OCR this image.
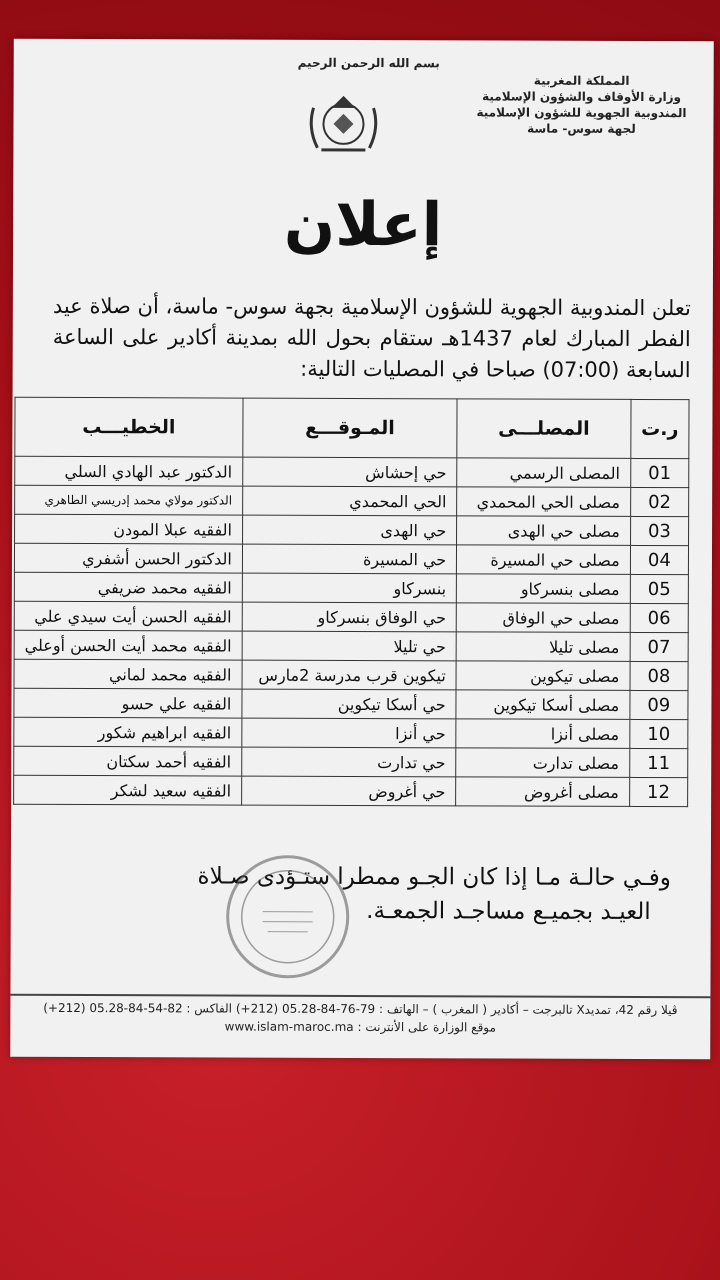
بسم الله الرحمن الرحيم
المملكة المغربية
وزارة الأوقاف والشؤون الإسلامية
المندوبية الجهوية للشؤون الإسلامية
لجهة سوس- ماسة
إعلان
تعلن المندوبية الجهوية للشؤون الإسلامية بجهة سوس- ماسة، أن صلاة عيد الفطر المبارك لعام 1437هـ ستقام بحول الله بمدينة أكادير على الساعة السابعة (07:00) صباحا في المصليات التالية:
ر.ت	المصلـــى	المـوقـــع	الخطيـــب
01	المصلى الرسمي	حي إحشاش	الدكتور عبد الهادي السلي
02	مصلى الحي المحمدي	الحي المحمدي	الدكتور مولاي محمد إدريسي الطاهري
03	مصلى حي الهدى	حي الهدى	الفقيه عبلا المودن
04	مصلى حي المسيرة	حي المسيرة	الدكتور الحسن أشفري
05	مصلى بنسركاو	بنسركاو	الفقيه محمد ضريفي
06	مصلى حي الوفاق	حي الوفاق بنسركاو	الفقيه الحسن أيت سيدي علي
07	مصلى تليلا	حي تليلا	الفقيه محمد أيت الحسن أوعلي
08	مصلى تيكوين	تيكوين قرب مدرسة 2مارس	الفقيه محمد لماني
09	مصلى أسكا تيكوين	حي أسكا تيكوين	الفقيه علي حسو
10	مصلى أنزا	حي أنزا	الفقيه ابراهيم شكور
11	مصلى تدارت	حي تدارت	الفقيه أحمد سكتان
12	مصلى أغروض	حي أغروض	الفقيه سعيد لشكر
وفـي حالـة مـا إذا كان الجـو ممطرا ستـؤدى صـلاة
العيـد بجميـع مساجـد الجمعـة.
ڤيلا رقم 42، تمديدX تالبرجت – أكادير ( المغرب ) – الهاتف : 79-76-84-05.28 (212+) الفاكس : 82-54-84-05.28 (212+)
موقع الوزارة على الأنترنت : www.islam-maroc.ma
